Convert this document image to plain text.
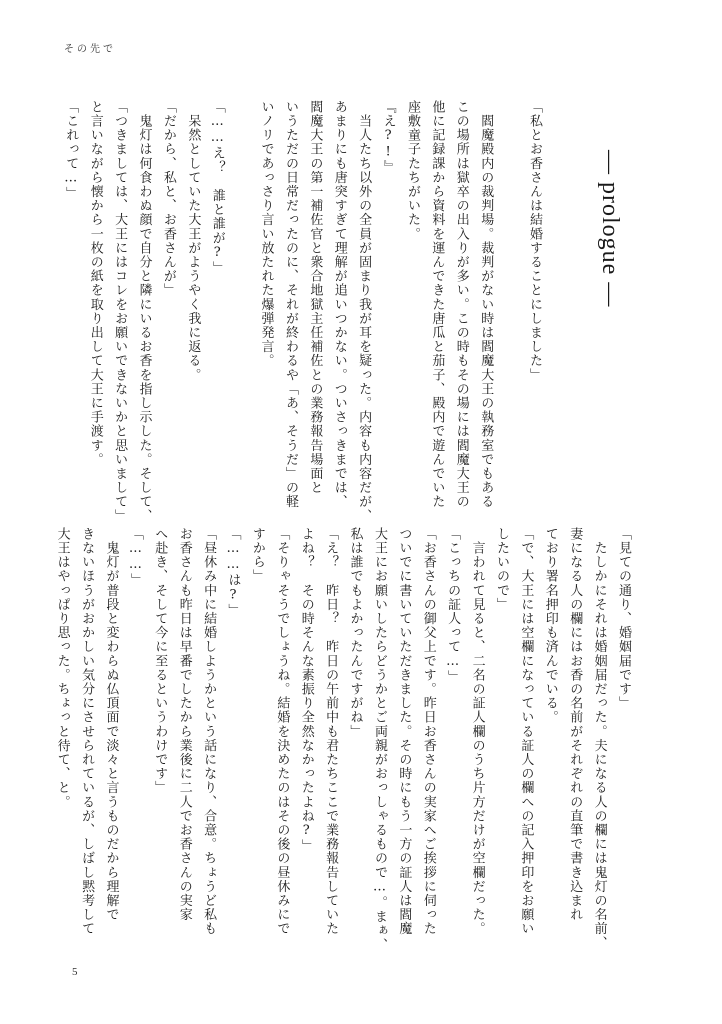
その先で
— prologue —
「私とお香さんは結婚することにしました」

　閻魔殿内の裁判場。裁判がない時は閻魔大王の執務室でもある
この場所は獄卒の出入りが多い。この時もその場には閻魔大王の
他に記録課から資料を運んできた唐瓜と茄子、殿内で遊んでいた
座敷童子たちがいた。
『え?!』
　当人たち以外の全員が固まり我が耳を疑った。内容も内容だが、
あまりにも唐突すぎて理解が追いつかない。ついさっきまでは、
閻魔大王の第一補佐官と衆合地獄主任補佐との業務報告場面と
いうただの日常だったのに、それが終わるや「あ、そうだ」の軽
いノリであっさり言い放たれた爆弾発言。

「……え？　誰と誰が?」
　呆然としていた大王がようやく我に返る。
「だから、私と、お香さんが」
　鬼灯は何食わぬ顔で自分と隣にいるお香を指し示した。そして、
「つきましては、大王にはコレをお願いできないかと思いまして」
と言いながら懐から一枚の紙を取り出して大王に手渡す。
「これって…」
「見ての通り、婚姻届です」
　たしかにそれは婚姻届だった。夫になる人の欄には鬼灯の名前、
妻になる人の欄にはお香の名前がそれぞれの直筆で書き込まれ
ており署名押印も済んでいる。
「で、大王には空欄になっている証人の欄への記入押印をお願い
したいので」
　言われて見ると、二名の証人欄のうち片方だけが空欄だった。
「こっちの証人って…」
「お香さんの御父上です。昨日お香さんの実家へご挨拶に伺った
ついでに書いていただきました。その時にもう一方の証人は閻魔
大王にお願いしたらどうかとご両親がおっしゃるもので…。まぁ、
私は誰でもよかったんですがね」
「え？　昨日？　昨日の午前中も君たちここで業務報告していた
よね？　その時そんな素振り全然なかったよね?」
「そりゃそうでしょうね。結婚を決めたのはその後の昼休みにで
すから」
「……は?」
「昼休み中に結婚しようかという話になり、合意。ちょうど私も
お香さんも昨日は早番でしたから業後に二人でお香さんの実家
へ赴き、そして今に至るというわけです」
「……」
　鬼灯が普段と変わらぬ仏頂面で淡々と言うものだから理解で
きないほうがおかしい気分にさせられているが、しばし黙考して
大王はやっぱり思った。ちょっと待て、と。
5
